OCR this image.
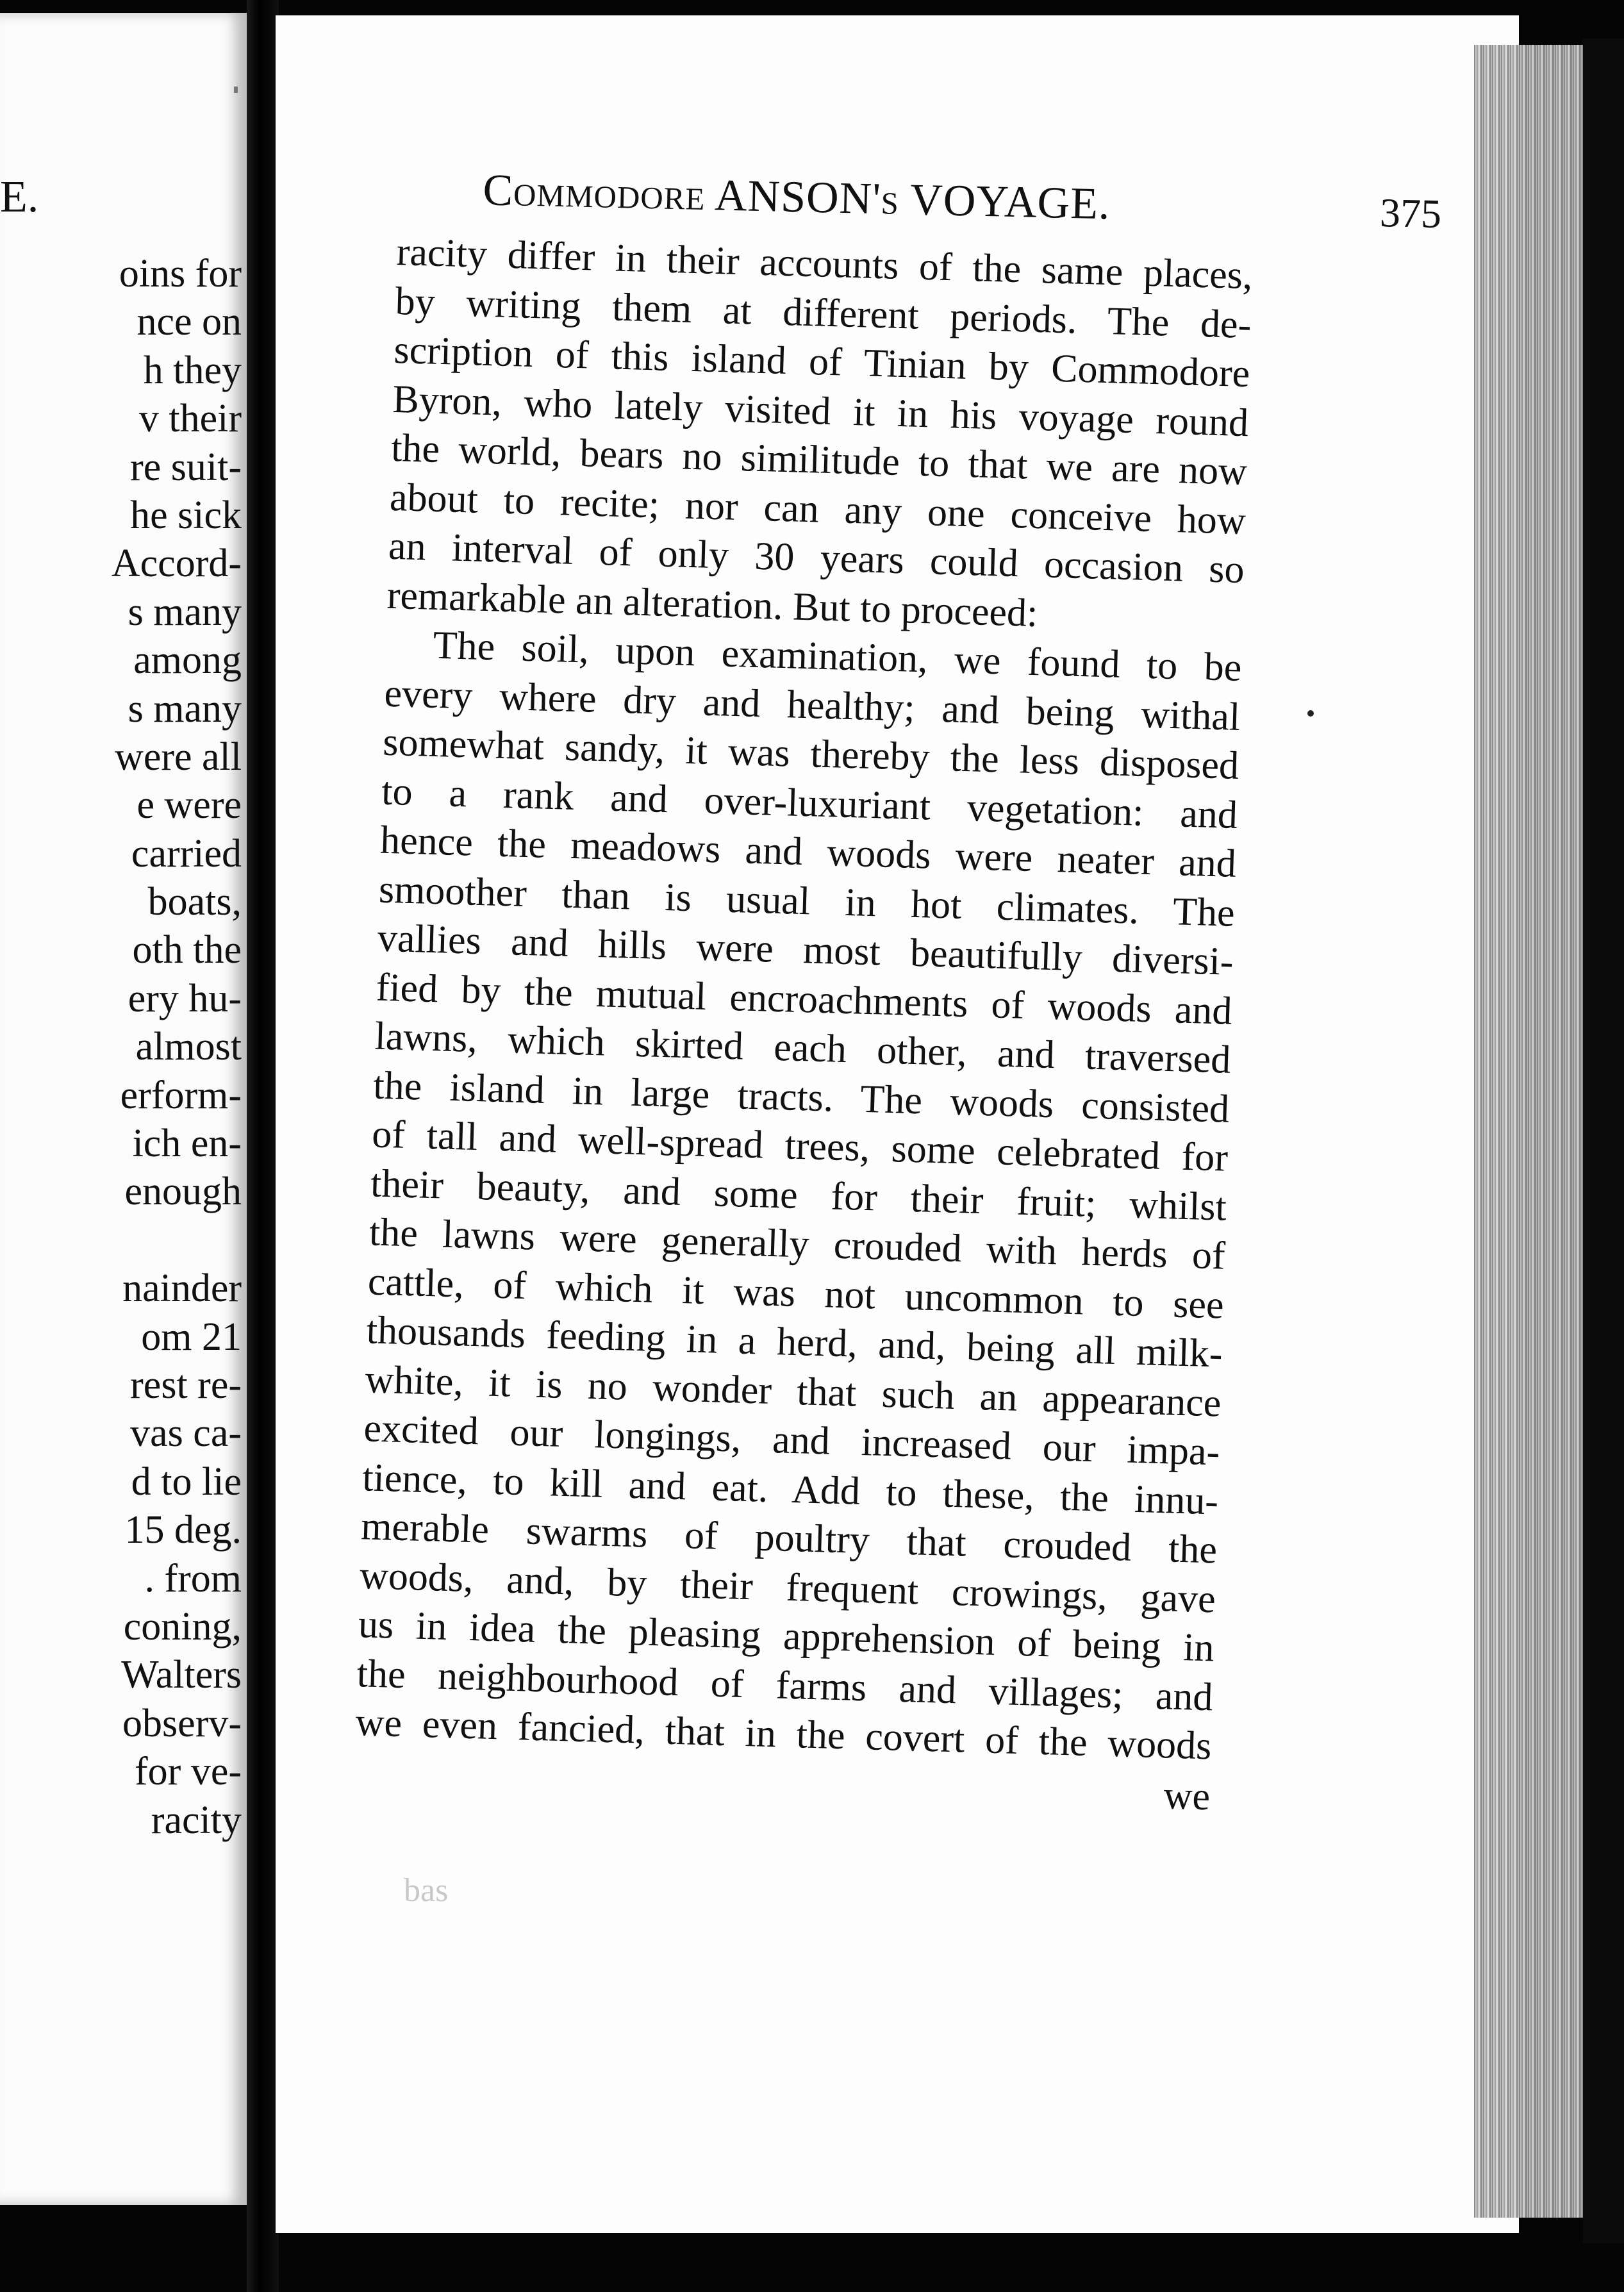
E.
oins for
nce on
h they
v their
re suit-
he sick
Accord-
s many
among
s many
were all
e were
carried
boats,
oth the
ery hu-
almost
erform-
ich en-
enough
nainder
om 21
rest re-
vas ca-
d to lie
15 deg.
. from
coning,
Walters
observ-
for ve-
racity
Commodore ANSON's VOYAGE.	375
racity differ in their accounts of the same places,
by writing them at different periods. The de-
scription of this island of Tinian by Commodore
Byron, who lately visited it in his voyage round
the world, bears no similitude to that we are now
about to recite; nor can any one conceive how
an interval of only 30 years could occasion so
remarkable an alteration. But to proceed:
The soil, upon examination, we found to be
every where dry and healthy; and being withal
somewhat sandy, it was thereby the less disposed
to a rank and over-luxuriant vegetation: and
hence the meadows and woods were neater and
smoother than is usual in hot climates. The
vallies and hills were most beautifully diversi-
fied by the mutual encroachments of woods and
lawns, which skirted each other, and traversed
the island in large tracts. The woods consisted
of tall and well-spread trees, some celebrated for
their beauty, and some for their fruit; whilst
the lawns were generally crouded with herds of
cattle, of which it was not uncommon to see
thousands feeding in a herd, and, being all milk-
white, it is no wonder that such an appearance
excited our longings, and increased our impa-
tience, to kill and eat. Add to these, the innu-
merable swarms of poultry that crouded the
woods, and, by their frequent crowings, gave
us in idea the pleasing apprehension of being in
the neighbourhood of farms and villages; and
we even fancied, that in the covert of the woods
we
bas
